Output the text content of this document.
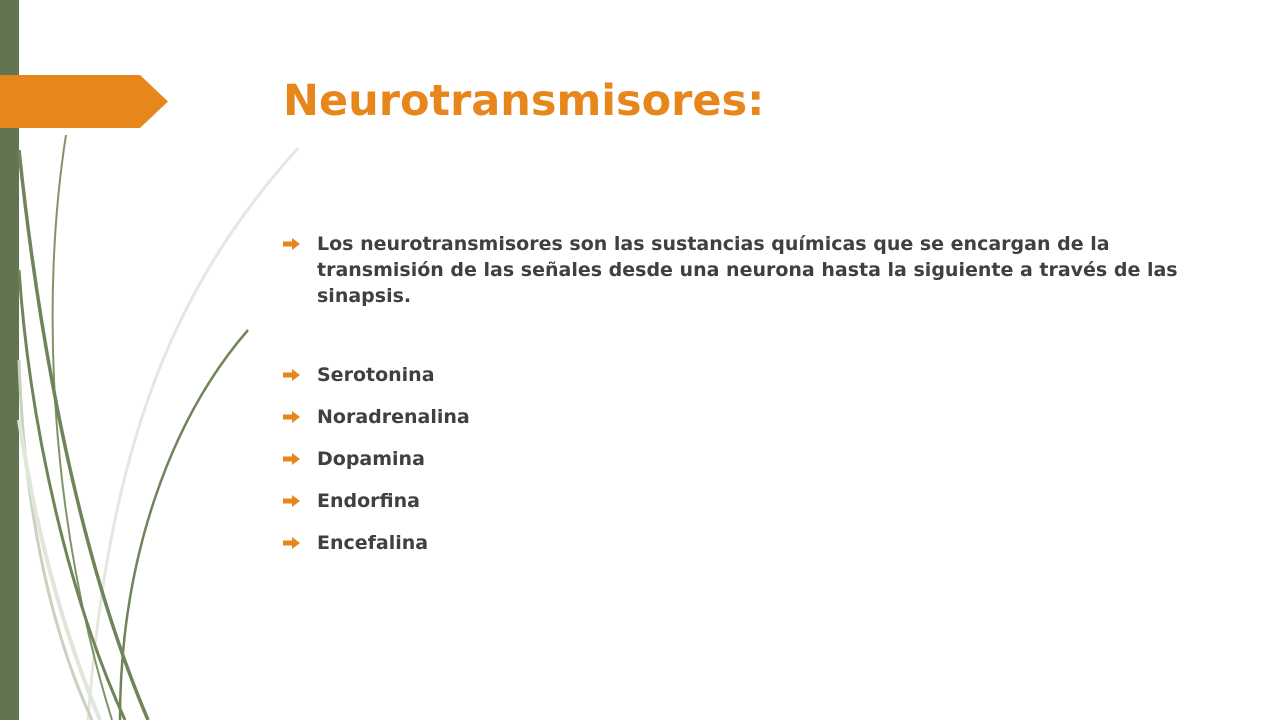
Neurotransmisores:
Los neurotransmisores son las sustancias químicas que se encargan de la transmisión de las señales desde una neurona hasta la siguiente a través de las sinapsis.
Serotonina
Noradrenalina
Dopamina
Endorfina
Encefalina
